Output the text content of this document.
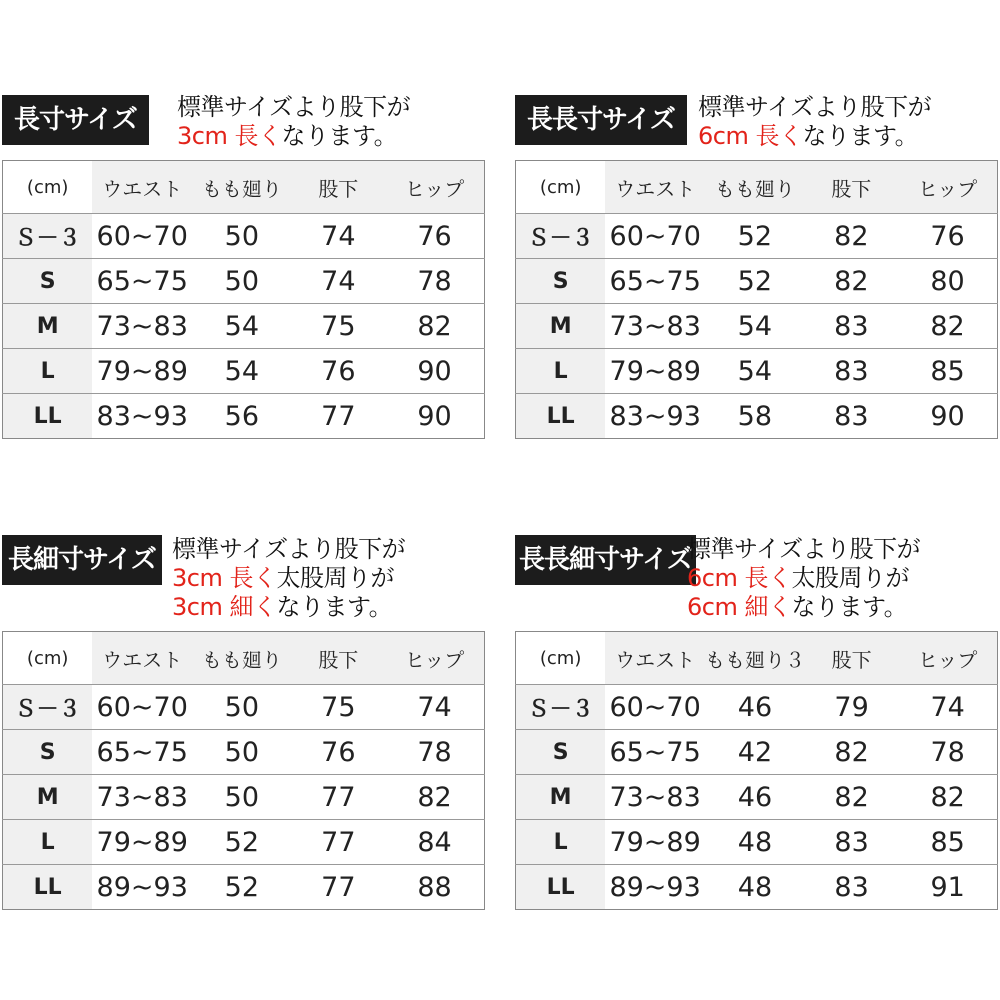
長寸サイズ	標準サイズより股下が
3cm 長くなります。
(cm)	ウエスト	もも廻り	股下	ヒップ
Ｓ－３	60~70	50	74	76
S	65~75	50	74	78
M	73~83	54	75	82
L	79~89	54	76	90
LL	83~93	56	77	90
長長寸サイズ 標準サイズより股下が
6cm 長くなります。
(cm)	ウエスト	もも廻り	股下	ヒップ
Ｓ－３	60~70	52	82	76
S	65~75	52	82	80
M	73~83	54	83	82
L	79~89	54	83	85
LL	83~93	58	83	90
長細寸サイズ 標準サイズより股下が
3cm 長く太股周りが
3cm 細くなります。
(cm)	ウエスト	もも廻り	股下	ヒップ
Ｓ－３	60~70	50	75	74
S	65~75	50	76	78
M	73~83	50	77	82
L	79~89	52	77	84
LL	89~93	52	77	88
長長細寸サイズ
標準サイズより股下が
6cm 長く太股周りが
6cm 細くなります。
(cm)	ウエスト	もも廻り３	股下	ヒップ
Ｓ－３	60~70	46	79	74
S	65~75	42	82	78
M	73~83	46	82	82
L	79~89	48	83	85
LL	89~93	48	83	91
